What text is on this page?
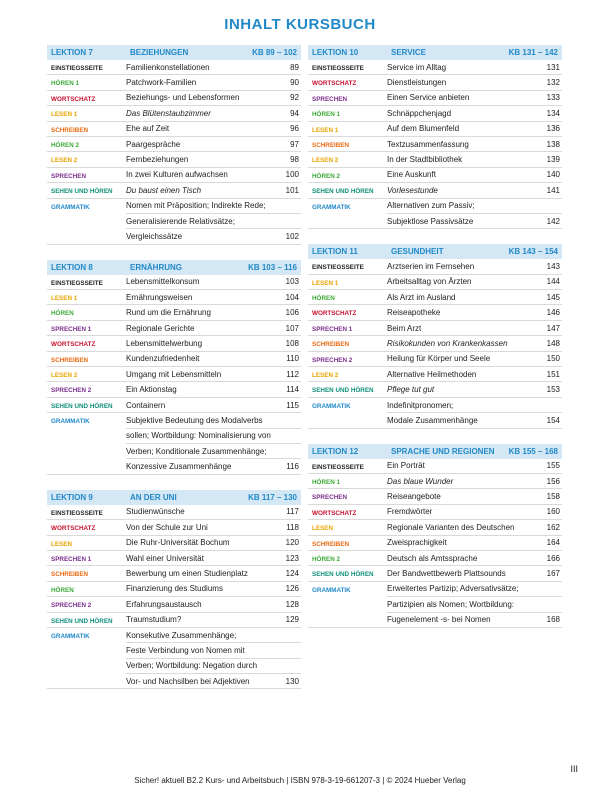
INHALT KURSBUCH
LEKTION 7	BEZIEHUNGEN	KB 89 – 102
EINSTIEGSSEITE	Familienkonstellationen	89
HÖREN 1	Patchwork-Familien	90
WORTSCHATZ	Beziehungs- und Lebensformen	92
LESEN 1	Das Blütenstaubzimmer	94
SCHREIBEN	Ehe auf Zeit	96
HÖREN 2	Paargespräche	97
LESEN 2	Fernbeziehungen	98
SPRECHEN	In zwei Kulturen aufwachsen	100
SEHEN UND HÖREN	Du baust einen Tisch	101
GRAMMATIK	Nomen mit Präposition; Indirekte Rede;
Generalisierende Relativsätze;
Vergleichssätze	102
LEKTION 8	ERNÄHRUNG	KB 103 – 116
EINSTIEGSSEITE	Lebensmittelkonsum	103
LESEN 1	Ernährungsweisen	104
HÖREN	Rund um die Ernährung	106
SPRECHEN 1	Regionale Gerichte	107
WORTSCHATZ	Lebensmittelwerbung	108
SCHREIBEN	Kundenzufriedenheit	110
LESEN 2	Umgang mit Lebensmitteln	112
SPRECHEN 2	Ein Aktionstag	114
SEHEN UND HÖREN	Containern	115
GRAMMATIK	Subjektive Bedeutung des Modalverbs
sollen; Wortbildung: Nominalisierung von
Verben; Konditionale Zusammenhänge;
Konzessive Zusammenhänge	116
LEKTION 9	AN DER UNI	KB 117 – 130
EINSTIEGSSEITE	Studienwünsche	117
WORTSCHATZ	Von der Schule zur Uni	118
LESEN	Die Ruhr-Universität Bochum	120
SPRECHEN 1	Wahl einer Universität	123
SCHREIBEN	Bewerbung um einen Studienplatz	124
HÖREN	Finanzierung des Studiums	126
SPRECHEN 2	Erfahrungsaustausch	128
SEHEN UND HÖREN	Traumstudium?	129
GRAMMATIK	Konsekutive Zusammenhänge;
Feste Verbindung von Nomen mit
Verben; Wortbildung: Negation durch
Vor- und Nachsilben bei Adjektiven	130
LEKTION 10	SERVICE	KB 131 – 142
EINSTIEGSSEITE	Service im Alltag	131
WORTSCHATZ	Dienstleistungen	132
SPRECHEN	Einen Service anbieten	133
HÖREN 1	Schnäppchenjagd	134
LESEN 1	Auf dem Blumenfeld	136
SCHREIBEN	Textzusammenfassung	138
LESEN 2	In der Stadtbibliothek	139
HÖREN 2	Eine Auskunft	140
SEHEN UND HÖREN	Vorlesestunde	141
GRAMMATIK	Alternativen zum Passiv;
Subjektlose Passivsätze	142
LEKTION 11	GESUNDHEIT	KB 143 – 154
EINSTIEGSSEITE	Arztserien im Fernsehen	143
LESEN 1	Arbeitsalltag von Ärzten	144
HÖREN	Als Arzt im Ausland	145
WORTSCHATZ	Reiseapotheke	146
SPRECHEN 1	Beim Arzt	147
SCHREIBEN	Risikokunden von Krankenkassen	148
SPRECHEN 2	Heilung für Körper und Seele	150
LESEN 2	Alternative Heilmethoden	151
SEHEN UND HÖREN	Pflege tut gut	153
GRAMMATIK	Indefinitpronomen;
Modale Zusammenhänge	154
LEKTION 12	SPRACHE UND REGIONEN	KB 155 – 168
EINSTIEGSSEITE	Ein Porträt	155
HÖREN 1	Das blaue Wunder	156
SPRECHEN	Reiseangebote	158
WORTSCHATZ	Fremdwörter	160
LESEN	Regionale Varianten des Deutschen	162
SCHREIBEN	Zweisprachigkeit	164
HÖREN 2	Deutsch als Amtssprache	166
SEHEN UND HÖREN	Der Bandwettbewerb Plattsounds	167
GRAMMATIK	Erweitertes Partizip; Adversativsätze;
Partizipien als Nomen; Wortbildung:
Fugenelement -s- bei Nomen	168
III
Sicher! aktuell B2.2 Kurs- und Arbeitsbuch | ISBN 978-3-19-661207-3 | © 2024 Hueber Verlag
